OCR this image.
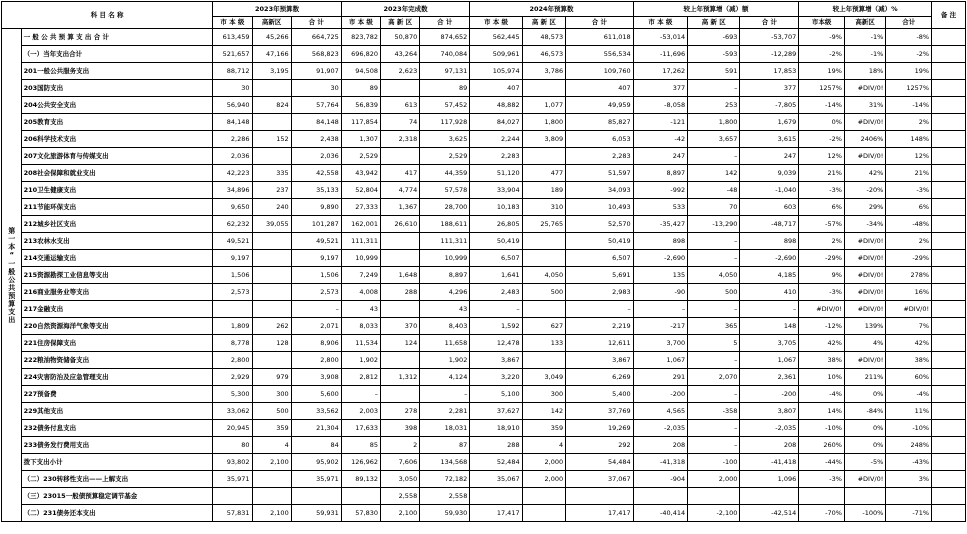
科 目 名 称		2023年预算数			2023年完成数			2024年预算数			较上年预算增（减）额			较上年预算增（减）%			备 注
		市 本 级	高新区	合 计	市 本 级	高 新 区	合 计	市 本 级	高 新 区	合 计	市 本 级	高 新 区	合 计	市本级	高新区	合计	
第一本“一般公共预算支出	一 般 公 共 预 算 支 出 合 计	613,459	45,266	664,725	823,782	50,870	874,652	562,445	48,573	611,018	-53,014	-693	-53,707	-9%	-1%	-8%	
	（一）当年支出合计	521,657	47,166	568,823	696,820	43,264	740,084	509,961	46,573	556,534	-11,696	-593	-12,289	-2%	-1%	-2%	
	201一般公共服务支出	88,712	3,195	91,907	94,508	2,623	97,131	105,974	3,786	109,760	17,262	591	17,853	19%	18%	19%	
	203国防支出	30		30	89		89	407		407	377	–	377	1257%	#DIV/0!	1257%	
	204公共安全支出	56,940	824	57,764	56,839	613	57,452	48,882	1,077	49,959	-8,058	253	-7,805	-14%	31%	-14%	
	205教育支出	84,148		84,148	117,854	74	117,928	84,027	1,800	85,827	-121	1,800	1,679	0%	#DIV/0!	2%	
	206科学技术支出	2,286	152	2,438	1,307	2,318	3,625	2,244	3,809	6,053	-42	3,657	3,615	-2%	2406%	148%	
	207文化旅游体育与传媒支出	2,036		2,036	2,529		2,529	2,283		2,283	247	–	247	12%	#DIV/0!	12%	
	208社会保障和就业支出	42,223	335	42,558	43,942	417	44,359	51,120	477	51,597	8,897	142	9,039	21%	42%	21%	
	210卫生健康支出	34,896	237	35,133	52,804	4,774	57,578	33,904	189	34,093	-992	-48	-1,040	-3%	-20%	-3%	
	211节能环保支出	9,650	240	9,890	27,333	1,367	28,700	10,183	310	10,493	533	70	603	6%	29%	6%	
	212城乡社区支出	62,232	39,055	101,287	162,001	26,610	188,611	26,805	25,765	52,570	-35,427	-13,290	-48,717	-57%	-34%	-48%	
	213农林水支出	49,521		49,521	111,311		111,311	50,419		50,419	898	–	898	2%	#DIV/0!	2%	
	214交通运输支出	9,197		9,197	10,999		10,999	6,507		6,507	-2,690	–	-2,690	-29%	#DIV/0!	-29%	
	215资源勘探工业信息等支出	1,506		1,506	7,249	1,648	8,897	1,641	4,050	5,691	135	4,050	4,185	9%	#DIV/0!	278%	
	216商业服务业等支出	2,573		2,573	4,008	288	4,296	2,483	500	2,983	-90	500	410	-3%	#DIV/0!	16%	
	217金融支出			–	43		43	–		–	–	–	–	#DIV/0!	#DIV/0!	#DIV/0!	
	220自然资源海洋气象等支出	1,809	262	2,071	8,033	370	8,403	1,592	627	2,219	-217	365	148	-12%	139%	7%	
	221住房保障支出	8,778	128	8,906	11,534	124	11,658	12,478	133	12,611	3,700	5	3,705	42%	4%	42%	
	222粮油物资储备支出	2,800		2,800	1,902		1,902	3,867		3,867	1,067	–	1,067	38%	#DIV/0!	38%	
	224灾害防治及应急管理支出	2,929	979	3,908	2,812	1,312	4,124	3,220	3,049	6,269	291	2,070	2,361	10%	211%	60%	
	227预备费	5,300	300	5,600	–		–	5,100	300	5,400	-200	–	-200	-4%	0%	-4%	
	229其他支出	33,062	500	33,562	2,003	278	2,281	37,627	142	37,769	4,565	-358	3,807	14%	-84%	11%	
	232债务付息支出	20,945	359	21,304	17,633	398	18,031	18,910	359	19,269	-2,035	–	-2,035	-10%	0%	-10%	
	233债务发行费用支出	80	4	84	85	2	87	288	4	292	208	–	208	260%	0%	248%	
	拨下支出小计	93,802	2,100	95,902	126,962	7,606	134,568	52,484	2,000	54,484	-41,318	-100	-41,418	-44%	-5%	-43%	
	（二）230转移性支出——上解支出	35,971		35,971	89,132	3,050	72,182	35,067	2,000	37,067	-904	2,000	1,096	-3%	#DIV/0!	3%	
	（三）23015一般债预算稳定调节基金					2,558	2,558										
	（二）231债务还本支出	57,831	2,100	59,931	57,830	2,100	59,930	17,417		17,417	-40,414	-2,100	-42,514	-70%	-100%	-71%	
